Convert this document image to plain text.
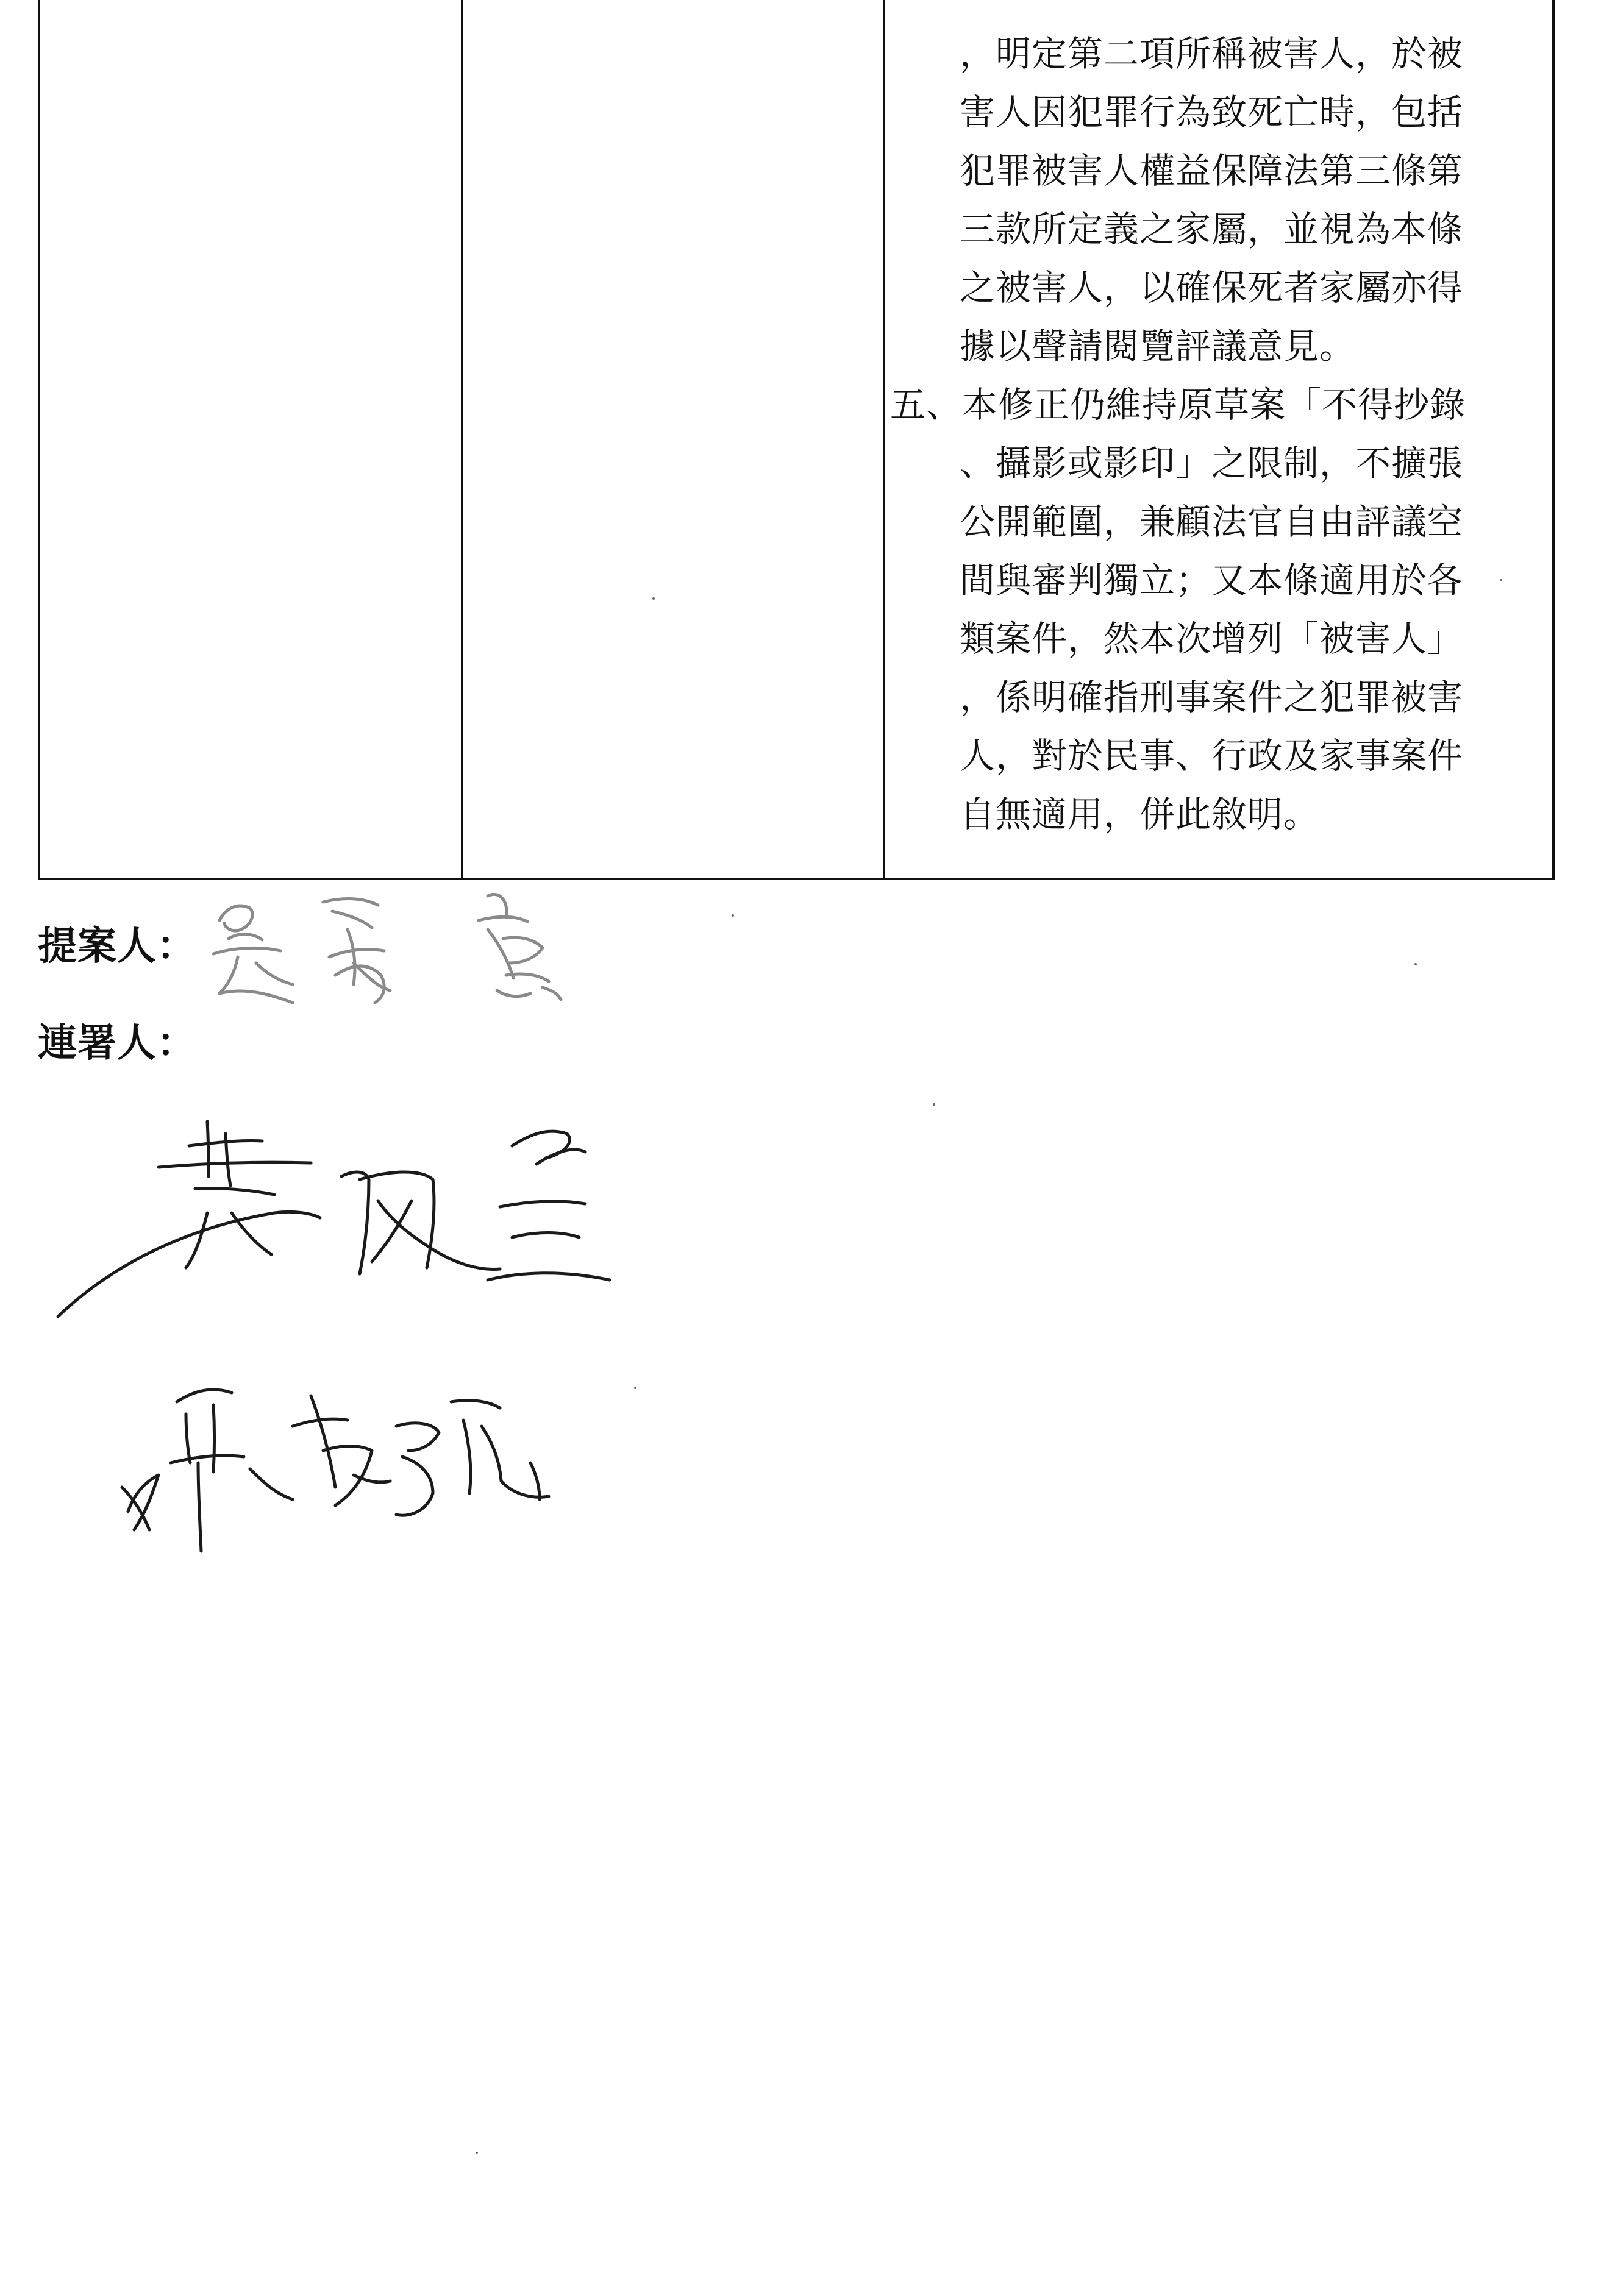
，明定第二項所稱被害人，於被
害人因犯罪行為致死亡時，包括
犯罪被害人權益保障法第三條第
三款所定義之家屬，並視為本條
之被害人，以確保死者家屬亦得
據以聲請閱覽評議意見。
五、本修正仍維持原草案「不得抄錄
、攝影或影印」之限制，不擴張
公開範圍，兼顧法官自由評議空
間與審判獨立；又本條適用於各
類案件，然本次增列「被害人」
，係明確指刑事案件之犯罪被害
人，對於民事、行政及家事案件
自無適用，併此敘明。
提案人：
連署人：
